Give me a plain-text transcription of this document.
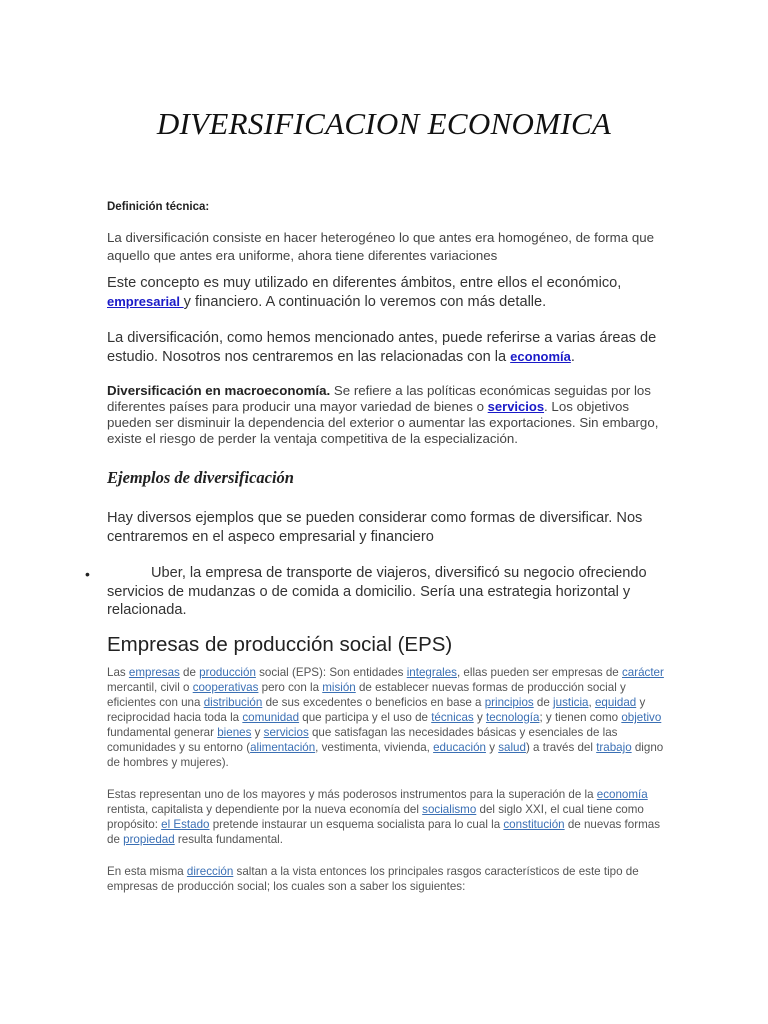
DIVERSIFICACION ECONOMICA

Definición técnica:

La diversificación consiste en hacer heterogéneo lo que antes era homogéneo, de forma que aquello que antes era uniforme, ahora tiene diferentes variaciones

Este concepto es muy utilizado en diferentes ámbitos, entre ellos el económico, empresarial y financiero. A continuación lo veremos con más detalle.

La diversificación, como hemos mencionado antes, puede referirse a varias áreas de estudio. Nosotros nos centraremos en las relacionadas con la economía.

Diversificación en macroeconomía. Se refiere a las políticas económicas seguidas por los diferentes países para producir una mayor variedad de bienes o servicios. Los objetivos pueden ser disminuir la dependencia del exterior o aumentar las exportaciones. Sin embargo, existe el riesgo de perder la ventaja competitiva de la especialización.

Ejemplos de diversificación

Hay diversos ejemplos que se pueden considerar como formas de diversificar. Nos centraremos en el aspeco empresarial y financiero

•	Uber, la empresa de transporte de viajeros, diversificó su negocio ofreciendo servicios de mudanzas o de comida a domicilio. Sería una estrategia horizontal y relacionada.

Empresas de producción social (EPS)

Las empresas de producción social (EPS): Son entidades integrales, ellas pueden ser empresas de carácter mercantil, civil o cooperativas pero con la misión de establecer nuevas formas de producción social y eficientes con una distribución de sus excedentes o beneficios en base a principios de justicia, equidad y reciprocidad hacia toda la comunidad que participa y el uso de técnicas y tecnología; y tienen como objetivo fundamental generar bienes y servicios que satisfagan las necesidades básicas y esenciales de las comunidades y su entorno (alimentación, vestimenta, vivienda, educación y salud) a través del trabajo digno de hombres y mujeres).

Estas representan uno de los mayores y más poderosos instrumentos para la superación de la economía rentista, capitalista y dependiente por la nueva economía del socialismo del siglo XXI, el cual tiene como propósito: el Estado pretende instaurar un esquema socialista para lo cual la constitución de nuevas formas de propiedad resulta fundamental.

En esta misma dirección saltan a la vista entonces los principales rasgos característicos de este tipo de empresas de producción social; los cuales son a saber los siguientes:
